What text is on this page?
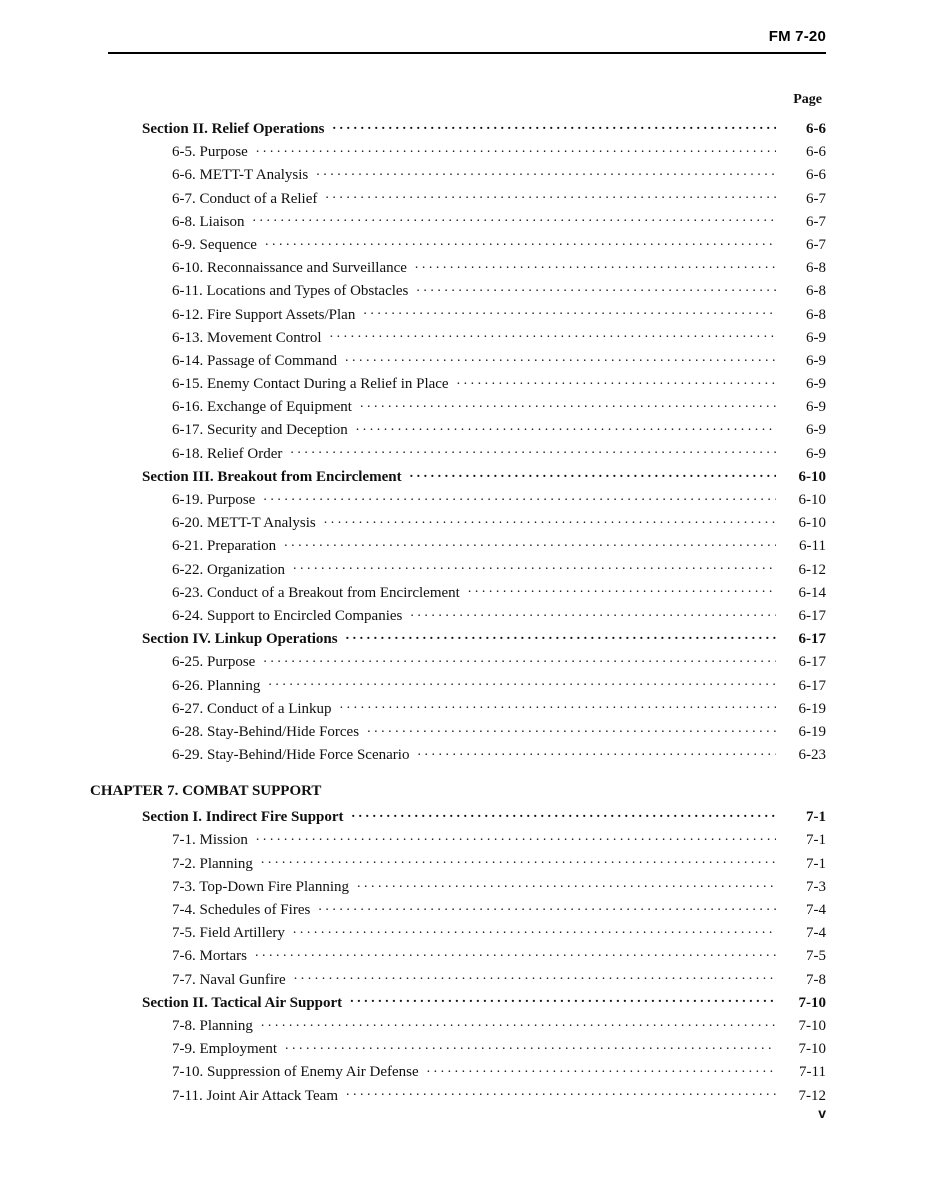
FM 7-20
Page
Section II. Relief Operations . . .	6-6
6-5. Purpose . . .	6-6
6-6. METT-T Analysis . . .	6-6
6-7. Conduct of a Relief . . .	6-7
6-8. Liaison . . .	6-7
6-9. Sequence . . .	6-7
6-10. Reconnaissance and Surveillance . . .	6-8
6-11. Locations and Types of Obstacles . . .	6-8
6-12. Fire Support Assets/Plan . . .	6-8
6-13. Movement Control . . .	6-9
6-14. Passage of Command . . .	6-9
6-15. Enemy Contact During a Relief in Place . . .	6-9
6-16. Exchange of Equipment . . .	6-9
6-17. Security and Deception . . .	6-9
6-18. Relief Order . . .	6-9
Section III. Breakout from Encirclement . . .	6-10
6-19. Purpose . . .	6-10
6-20. METT-T Analysis . . .	6-10
6-21. Preparation . . .	6-11
6-22. Organization . . .	6-12
6-23. Conduct of a Breakout from Encirclement . . .	6-14
6-24. Support to Encircled Companies . . .	6-17
Section IV. Linkup Operations . . .	6-17
6-25. Purpose . . .	6-17
6-26. Planning . . .	6-17
6-27. Conduct of a Linkup . . .	6-19
6-28. Stay-Behind/Hide Forces . . .	6-19
6-29. Stay-Behind/Hide Force Scenario . . .	6-23
CHAPTER 7. COMBAT SUPPORT
Section I. Indirect Fire Support . . .	7-1
7-1. Mission . . .	7-1
7-2. Planning . . .	7-1
7-3. Top-Down Fire Planning . . .	7-3
7-4. Schedules of Fires . . .	7-4
7-5. Field Artillery . . .	7-4
7-6. Mortars . . .	7-5
7-7. Naval Gunfire . . .	7-8
Section II. Tactical Air Support . . .	7-10
7-8. Planning . . .	7-10
7-9. Employment . . .	7-10
7-10. Suppression of Enemy Air Defense . . .	7-11
7-11. Joint Air Attack Team . . .	7-12
v
